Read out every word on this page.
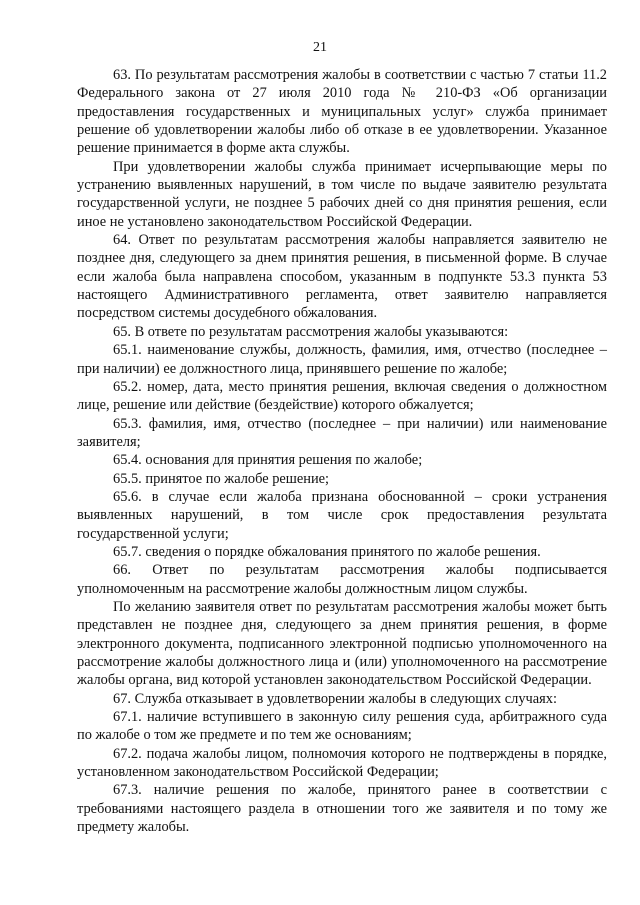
21

63. По результатам рассмотрения жалобы в соответствии с частью 7 статьи 11.2 Федерального закона от 27 июля 2010 года № 210-ФЗ «Об организации предоставления государственных и муниципальных услуг» служба принимает решение об удовлетворении жалобы либо об отказе в ее удовлетворении. Указанное решение принимается в форме акта службы.

При удовлетворении жалобы служба принимает исчерпывающие меры по устранению выявленных нарушений, в том числе по выдаче заявителю результата государственной услуги, не позднее 5 рабочих дней со дня принятия решения, если иное не установлено законодательством Российской Федерации.

64. Ответ по результатам рассмотрения жалобы направляется заявителю не позднее дня, следующего за днем принятия решения, в письменной форме. В случае если жалоба была направлена способом, указанным в подпункте 53.3 пункта 53 настоящего Административного регламента, ответ заявителю направляется посредством системы досудебного обжалования.

65. В ответе по результатам рассмотрения жалобы указываются:

65.1. наименование службы, должность, фамилия, имя, отчество (последнее – при наличии) ее должностного лица, принявшего решение по жалобе;

65.2. номер, дата, место принятия решения, включая сведения о должностном лице, решение или действие (бездействие) которого обжалуется;

65.3. фамилия, имя, отчество (последнее – при наличии) или наименование заявителя;

65.4. основания для принятия решения по жалобе;

65.5. принятое по жалобе решение;

65.6. в случае если жалоба признана обоснованной – сроки устранения выявленных нарушений, в том числе срок предоставления результата государственной услуги;

65.7. сведения о порядке обжалования принятого по жалобе решения.

66. Ответ по результатам рассмотрения жалобы подписывается уполномоченным на рассмотрение жалобы должностным лицом службы.

По желанию заявителя ответ по результатам рассмотрения жалобы может быть представлен не позднее дня, следующего за днем принятия решения, в форме электронного документа, подписанного электронной подписью уполномоченного на рассмотрение жалобы должностного лица и (или) уполномоченного на рассмотрение жалобы органа, вид которой установлен законодательством Российской Федерации.

67. Служба отказывает в удовлетворении жалобы в следующих случаях:

67.1. наличие вступившего в законную силу решения суда, арбитражного суда по жалобе о том же предмете и по тем же основаниям;

67.2. подача жалобы лицом, полномочия которого не подтверждены в порядке, установленном законодательством Российской Федерации;

67.3. наличие решения по жалобе, принятого ранее в соответствии с требованиями настоящего раздела в отношении того же заявителя и по тому же предмету жалобы.
